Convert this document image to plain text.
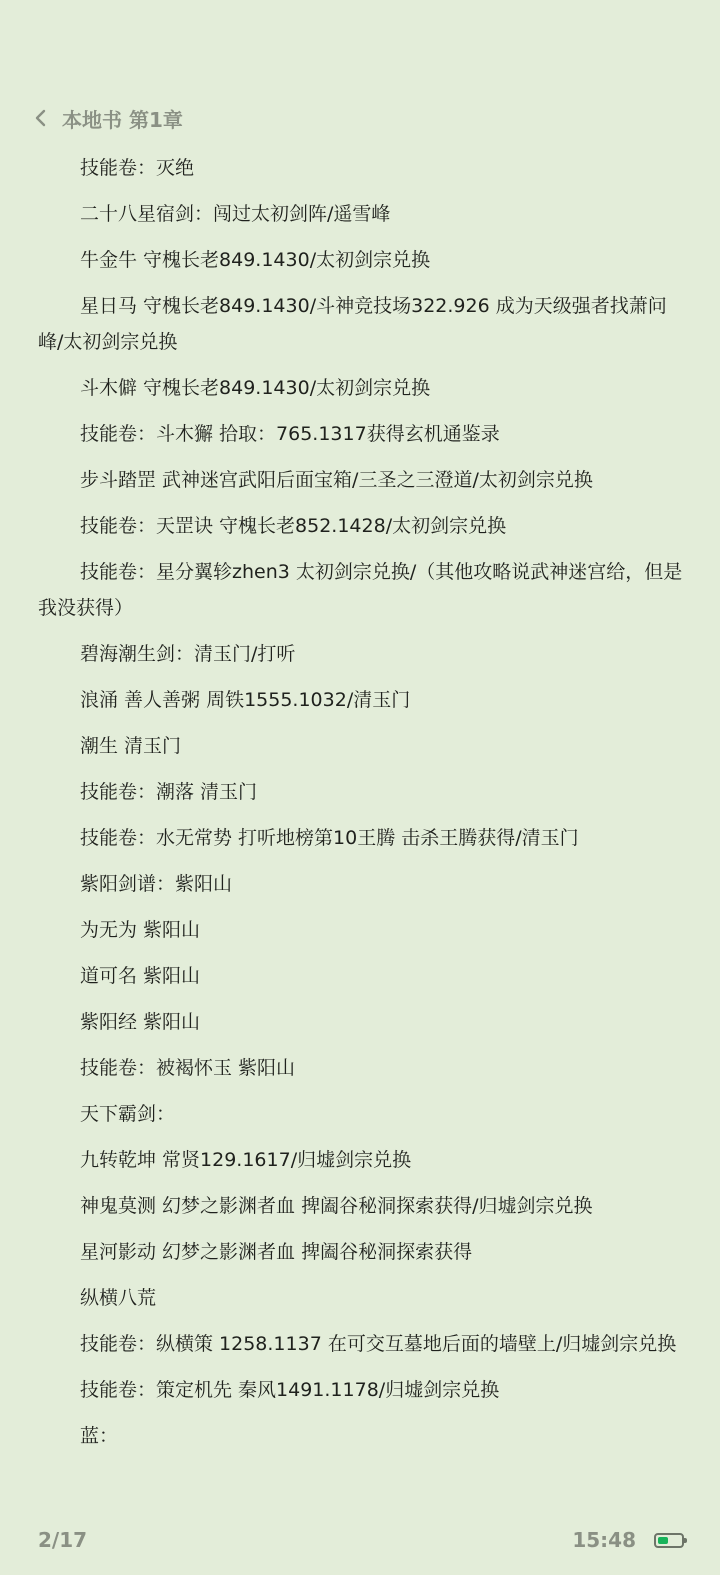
本地书 第1章

技能卷：灭绝

二十八星宿剑：闯过太初剑阵/遥雪峰

牛金牛 守槐长老849.1430/太初剑宗兑换

星日马 守槐长老849.1430/斗神竞技场322.926 成为天级强者找萧问峰/太初剑宗兑换

斗木僻 守槐长老849.1430/太初剑宗兑换

技能卷：斗木獬 拾取：765.1317获得玄机通鉴录

步斗踏罡 武神迷宫武阳后面宝箱/三圣之三澄道/太初剑宗兑换

技能卷：天罡诀 守槐长老852.1428/太初剑宗兑换

技能卷：星分翼轸zhen3 太初剑宗兑换/（其他攻略说武神迷宫给，但是我没获得）

碧海潮生剑：清玉门/打听

浪涌 善人善粥 周铁1555.1032/清玉门

潮生 清玉门

技能卷：潮落 清玉门

技能卷：水无常势 打听地榜第10王腾 击杀王腾获得/清玉门

紫阳剑谱：紫阳山

为无为 紫阳山

道可名 紫阳山

紫阳经 紫阳山

技能卷：被褐怀玉 紫阳山

天下霸剑：

九转乾坤 常贤129.1617/归墟剑宗兑换

神鬼莫测 幻梦之影渊者血 捭阖谷秘洞探索获得/归墟剑宗兑换

星河影动 幻梦之影渊者血 捭阖谷秘洞探索获得

纵横八荒

技能卷：纵横策 1258.1137 在可交互墓地后面的墙壁上/归墟剑宗兑换

技能卷：策定机先 秦风1491.1178/归墟剑宗兑换

蓝：

2/17	15:48
